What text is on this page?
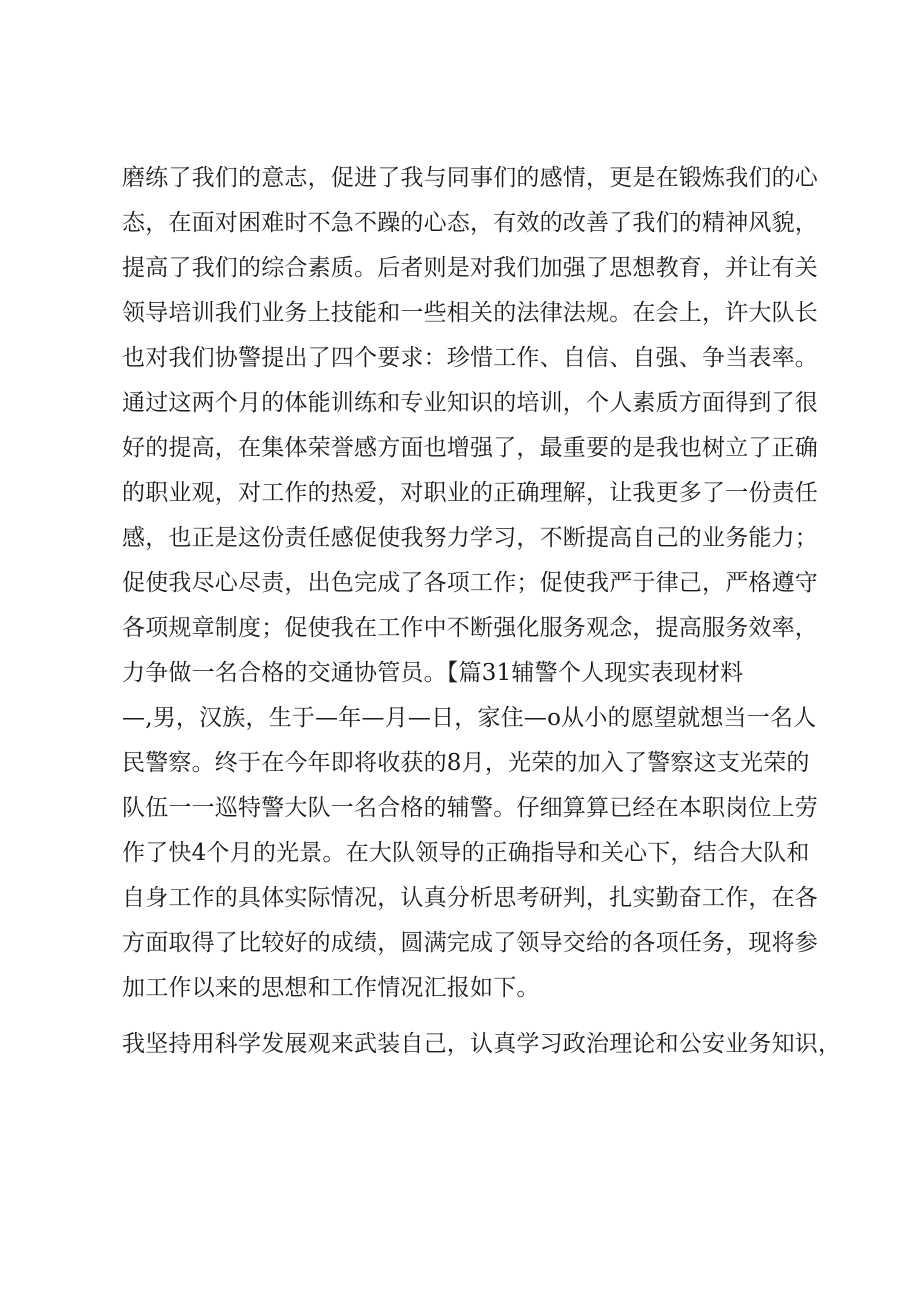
磨练了我们的意志，促进了我与同事们的感情，更是在锻炼我们的心
态，在面对困难时不急不躁的心态，有效的改善了我们的精神风貌，
提高了我们的综合素质。后者则是对我们加强了思想教育，并让有关
领导培训我们业务上技能和一些相关的法律法规。在会上，许大队长
也对我们协警提出了四个要求：珍惜工作、自信、自强、争当表率。
通过这两个月的体能训练和专业知识的培训，个人素质方面得到了很
好的提高，在集体荣誉感方面也增强了，最重要的是我也树立了正确
的职业观，对工作的热爱，对职业的正确理解，让我更多了一份责任
感，也正是这份责任感促使我努力学习，不断提高自己的业务能力；
促使我尽心尽责，出色完成了各项工作；促使我严于律己，严格遵守
各项规章制度；促使我在工作中不断强化服务观念，提高服务效率，
力争做一名合格的交通协管员。【篇31辅警个人现实表现材料
—,男，汉族，生于—年—月—日，家住—o从小的愿望就想当一名人
民警察。终于在今年即将收获的8月，光荣的加入了警察这支光荣的
队伍一一巡特警大队一名合格的辅警。仔细算算已经在本职岗位上劳
作了快4个月的光景。在大队领导的正确指导和关心下，结合大队和
自身工作的具体实际情况，认真分析思考研判，扎实勤奋工作，在各
方面取得了比较好的成绩，圆满完成了领导交给的各项任务，现将参
加工作以来的思想和工作情况汇报如下。
我坚持用科学发展观来武装自己，认真学习政治理论和公安业务知识，
